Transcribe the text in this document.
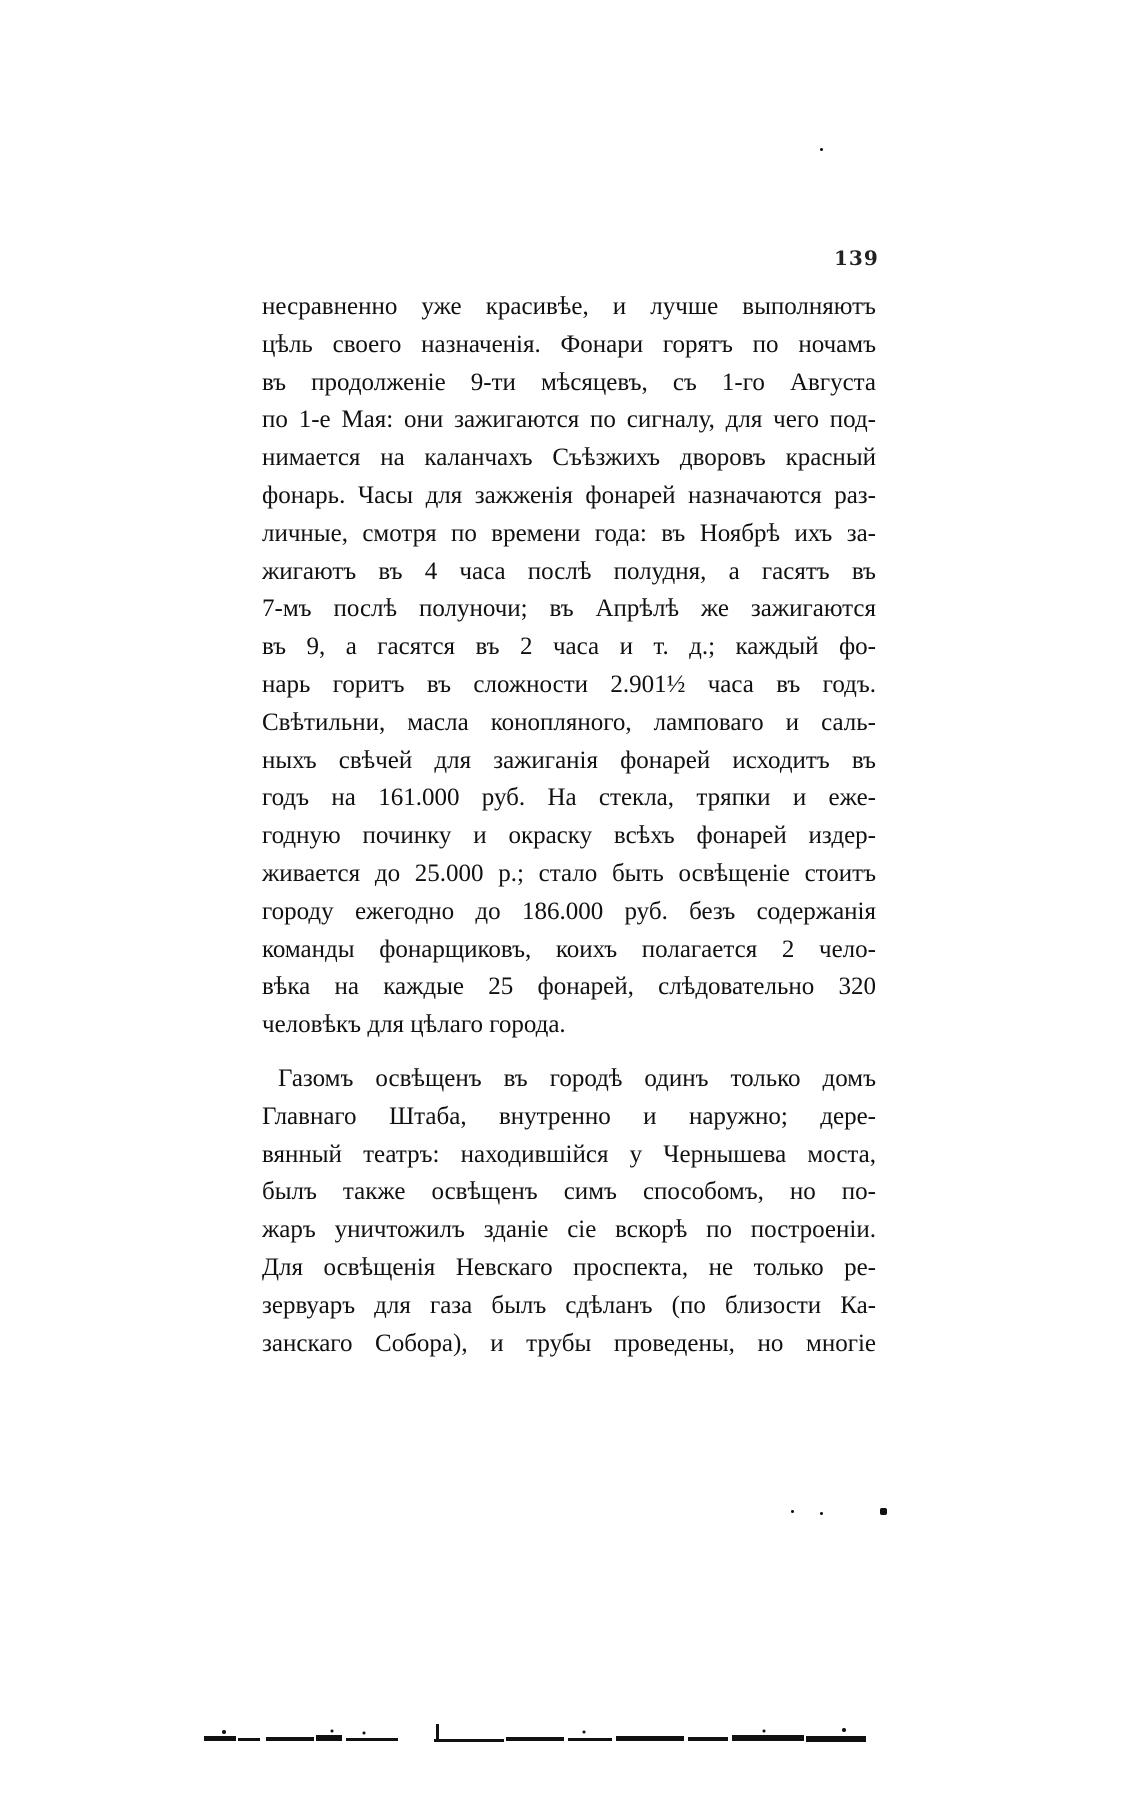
139
несравненно уже красивѣе, и лучше выполняютъ
цѣль своего назначенія. Фонари горятъ по ночамъ
въ продолженіе 9-ти мѣсяцевъ, съ 1-го Августа
по 1-е Мая: они зажигаются по сигналу, для чего под-
нимается на каланчахъ Съѣзжихъ дворовъ красный
фонарь. Часы для зажженія фонарей назначаются раз-
личные, смотря по времени года: въ Ноябрѣ ихъ за-
жигаютъ въ 4 часа послѣ полудня, а гасятъ въ
7-мъ послѣ полуночи; въ Апрѣлѣ же зажигаются
въ 9, а гасятся въ 2 часа и т. д.; каждый фо-
нарь горитъ въ сложности 2.901½ часа въ годъ.
Свѣтильни, масла конопляного, ламповаго и саль-
ныхъ свѣчей для зажиганія фонарей исходитъ въ
годъ на 161.000 руб. На стекла, тряпки и еже-
годную починку и окраску всѣхъ фонарей издер-
живается до 25.000 р.; стало быть освѣщеніе стоитъ
городу ежегодно до 186.000 руб. безъ содержанія
команды фонарщиковъ, коихъ полагается 2 чело-
вѣка на каждые 25 фонарей, слѣдовательно 320
человѣкъ для цѣлаго города.
Газомъ освѣщенъ въ городѣ одинъ только домъ
Главнаго Штаба, внутренно и наружно; дере-
вянный театръ: находившійся у Чернышева моста,
былъ также освѣщенъ симъ способомъ, но по-
жаръ уничтожилъ зданіе сіе вскорѣ по построеніи.
Для освѣщенія Невскаго проспекта, не только ре-
зервуаръ для газа былъ сдѣланъ (по близости Ка-
занскаго Собора), и трубы проведены, но многіе
